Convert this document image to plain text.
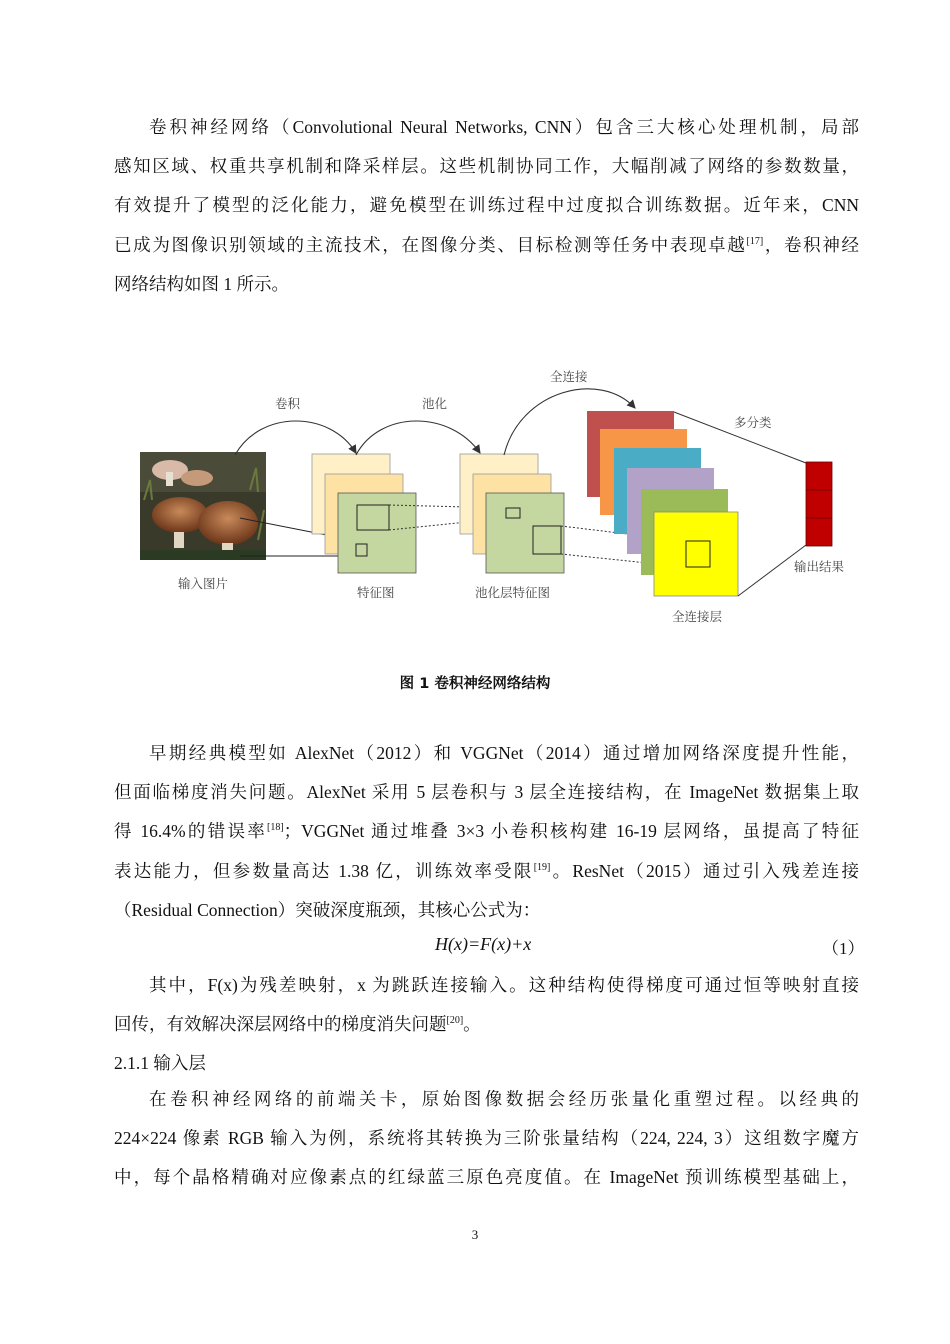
卷积神经网络（Convolutional Neural Networks, CNN）包含三大核心处理机制，局部
感知区域、权重共享机制和降采样层。这些机制协同工作，大幅削减了网络的参数数量，
有效提升了模型的泛化能力，避免模型在训练过程中过度拟合训练数据。近年来，CNN
已成为图像识别领域的主流技术，在图像分类、目标检测等任务中表现卓越[17]，卷积神经
网络结构如图 1 所示。
输入图片
特征图	池化层特征图
全连接层
输出结果
卷积	池化
全连接
多分类
图 1 卷积神经网络结构
早期经典模型如 AlexNet（2012）和 VGGNet（2014）通过增加网络深度提升性能，
但面临梯度消失问题。AlexNet 采用 5 层卷积与 3 层全连接结构，在 ImageNet 数据集上取
得 16.4%的错误率[18]；VGGNet 通过堆叠 3×3 小卷积核构建 16-19 层网络，虽提高了特征
表达能力，但参数量高达 1.38 亿，训练效率受限[19]。ResNet（2015）通过引入残差连接
（Residual Connection）突破深度瓶颈，其核心公式为：
H(x)=F(x)+x	（1）
其中，F(x)为残差映射，x 为跳跃连接输入。这种结构使得梯度可通过恒等映射直接
回传，有效解决深层网络中的梯度消失问题[20]。
2.1.1 输入层
在卷积神经网络的前端关卡，原始图像数据会经历张量化重塑过程。以经典的
224×224 像素 RGB 输入为例，系统将其转换为三阶张量结构（224, 224, 3）这组数字魔方
中，每个晶格精确对应像素点的红绿蓝三原色亮度值。在 ImageNet 预训练模型基础上，
3
